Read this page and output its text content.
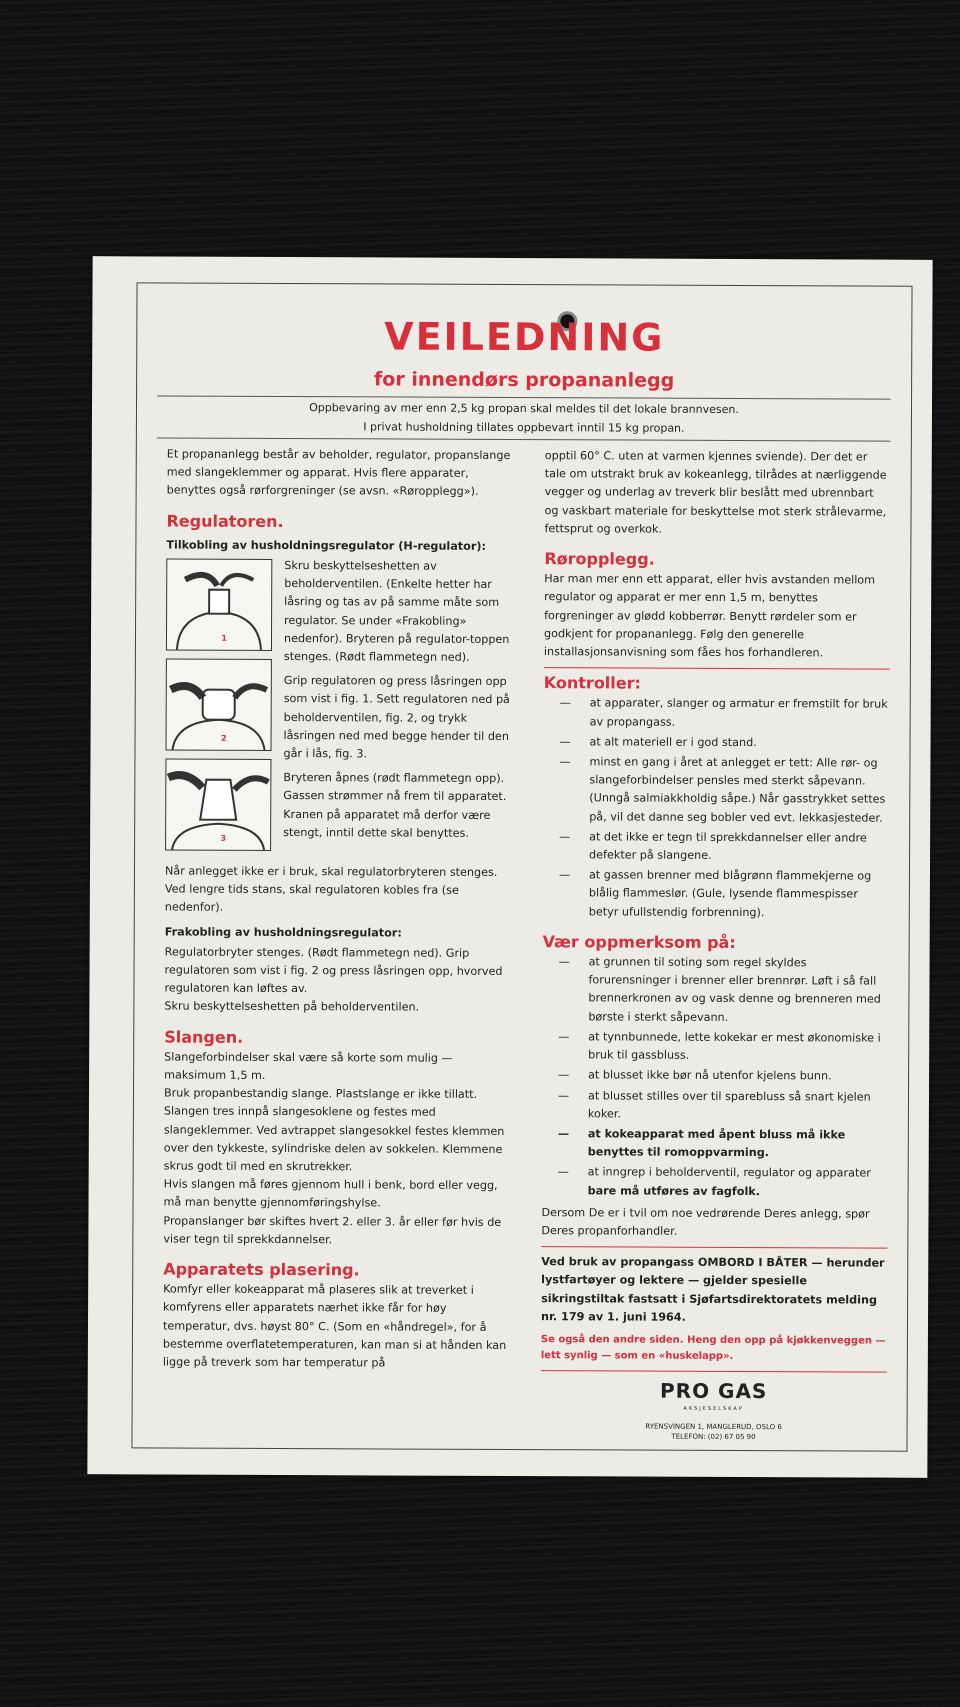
VEILEDNING
for innendørs propananlegg
Oppbevaring av mer enn 2,5 kg propan skal meldes til det lokale brannvesen.
I privat husholdning tillates oppbevart inntil 15 kg propan.

Et propananlegg består av beholder, regulator, propanslange med slangeklemmer og apparat. Hvis flere apparater, benyttes også rørforgreninger (se avsn. «Røropplegg»).

Regulatoren.
Tilkobling av husholdningsregulator (H-regulator):
1
2
3

Skru beskyttelseshetten av beholderventilen. (Enkelte hetter har låsring og tas av på samme måte som regulator. Se under «Frakobling» nedenfor). Bryteren på regulator-toppen stenges. (Rødt flammetegn ned).

Grip regulatoren og press låsringen opp som vist i fig. 1. Sett regulatoren ned på beholderventilen, fig. 2, og trykk låsringen ned med begge hender til den går i lås, fig. 3.

Bryteren åpnes (rødt flammetegn opp). Gassen strømmer nå frem til apparatet. Kranen på apparatet må derfor være stengt, inntil dette skal benyttes.

Når anlegget ikke er i bruk, skal regulatorbryteren stenges. Ved lengre tids stans, skal regulatoren kobles fra (se nedenfor).

Frakobling av husholdningsregulator:

Regulatorbryter stenges. (Rødt flammetegn ned). Grip regulatoren som vist i fig. 2 og press låsringen opp, hvorved regulatoren kan løftes av.

Skru beskyttelseshetten på beholderventilen.

Slangen.

Slangeforbindelser skal være så korte som mulig — maksimum 1,5 m.

Bruk propanbestandig slange. Plastslange er ikke tillatt. Slangen tres innpå slangesoklene og festes med slangeklemmer. Ved avtrappet slangesokkel festes klemmen over den tykkeste, sylindriske delen av sokkelen. Klemmene skrus godt til med en skrutrekker.

Hvis slangen må føres gjennom hull i benk, bord eller vegg, må man benytte gjennomføringshylse.

Propanslanger bør skiftes hvert 2. eller 3. år eller før hvis de viser tegn til sprekkdannelser.

Apparatets plasering.

Komfyr eller kokeapparat må plaseres slik at treverket i komfyrens eller apparatets nærhet ikke får for høy temperatur, dvs. høyst 80° C. (Som en «håndregel», for å bestemme overflatetemperaturen, kan man si at hånden kan ligge på treverk som har temperatur på

opptil 60° C. uten at varmen kjennes sviende). Der det er tale om utstrakt bruk av kokeanlegg, tilrådes at nærliggende vegger og underlag av treverk blir beslått med ubrennbart og vaskbart materiale for beskyttelse mot sterk strålevarme, fettsprut og overkok.

Røropplegg.

Har man mer enn ett apparat, eller hvis avstanden mellom regulator og apparat er mer enn 1,5 m, benyttes forgreninger av glødd kobberrør. Benytt rørdeler som er godkjent for propananlegg. Følg den generelle installasjonsanvisning som fåes hos forhandleren.

Kontroller:
— at apparater, slanger og armatur er fremstilt for bruk av propangass.
— at alt materiell er i god stand.
— minst en gang i året at anlegget er tett: Alle rør- og slangeforbindelser pensles med sterkt såpevann. (Unngå salmiakkholdig såpe.) Når gasstrykket settes på, vil det danne seg bobler ved evt. lekkasjesteder.
— at det ikke er tegn til sprekkdannelser eller andre defekter på slangene.
— at gassen brenner med blågrønn flammekjerne og blålig flammeslør. (Gule, lysende flammespisser betyr ufullstendig forbrenning).
Vær oppmerksom på:
— at grunnen til soting som regel skyldes forurensninger i brenner eller brennrør. Løft i så fall brennerkronen av og vask denne og brenneren med børste i sterkt såpevann.
— at tynnbunnede, lette kokekar er mest økonomiske i bruk til gassbluss.
— at blusset ikke bør nå utenfor kjelens bunn.
— at blusset stilles over til sparebluss så snart kjelen koker.
— at kokeapparat med åpent bluss må ikke benyttes til romoppvarming.
— at inngrep i beholderventil, regulator og apparater bare må utføres av fagfolk.

Dersom De er i tvil om noe vedrørende Deres anlegg, spør Deres propanforhandler.

Ved bruk av propangass OMBORD I BÅTER — herunder lystfartøyer og lektere — gjelder spesielle sikringstiltak fastsatt i Sjøfartsdirektoratets melding nr. 179 av 1. juni 1964.

Se også den andre siden. Heng den opp på kjøkkenveggen — lett synlig — som en «huskelapp».
PRO GAS
AKSJESELSKAP
RYENSVINGEN 1, MANGLERUD, OSLO 6
TELEFON: (02) 67 05 90
